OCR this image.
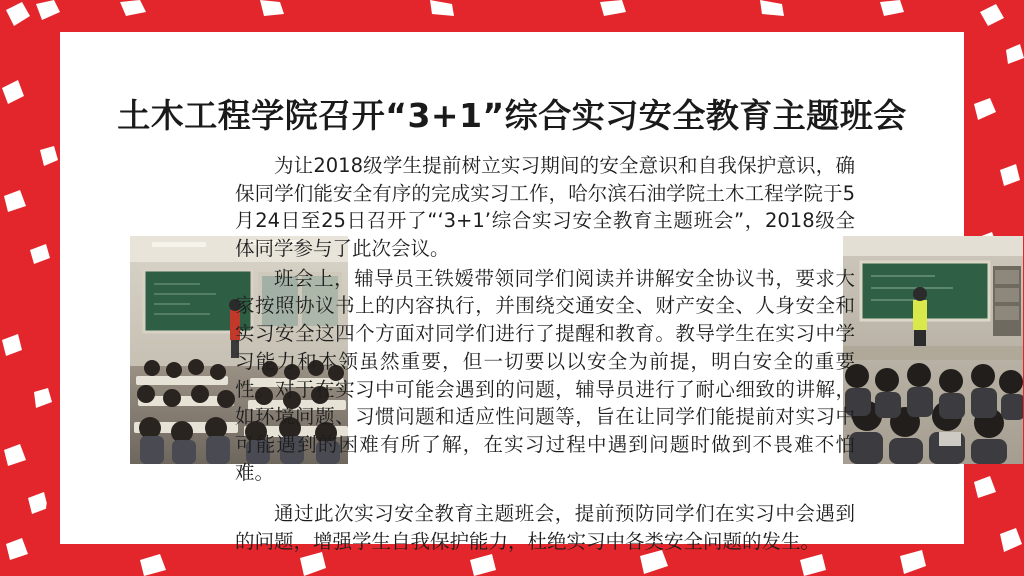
土木工程学院召开“3+1”综合实习安全教育主题班会

为让2018级学生提前树立实习期间的安全意识和自我保护意识，确保同学们能安全有序的完成实习工作，哈尔滨石油学院土木工程学院于5月24日至25日召开了“‘3+1’综合实习安全教育主题班会”，2018级全体同学参与了此次会议。

班会上，辅导员王铁嫒带领同学们阅读并讲解安全协议书，要求大家按照协议书上的内容执行，并围绕交通安全、财产安全、人身安全和实习安全这四个方面对同学们进行了提醒和教育。教导学生在实习中学习能力和本领虽然重要，但一切要以以安全为前提，明白安全的重要性。对于在实习中可能会遇到的问题，辅导员进行了耐心细致的讲解，如环境问题、习惯问题和适应性问题等，旨在让同学们能提前对实习中可能遇到的困难有所了解，在实习过程中遇到问题时做到不畏难不怕难。

通过此次实习安全教育主题班会，提前预防同学们在实习中会遇到的问题，增强学生自我保护能力，杜绝实习中各类安全问题的发生。
